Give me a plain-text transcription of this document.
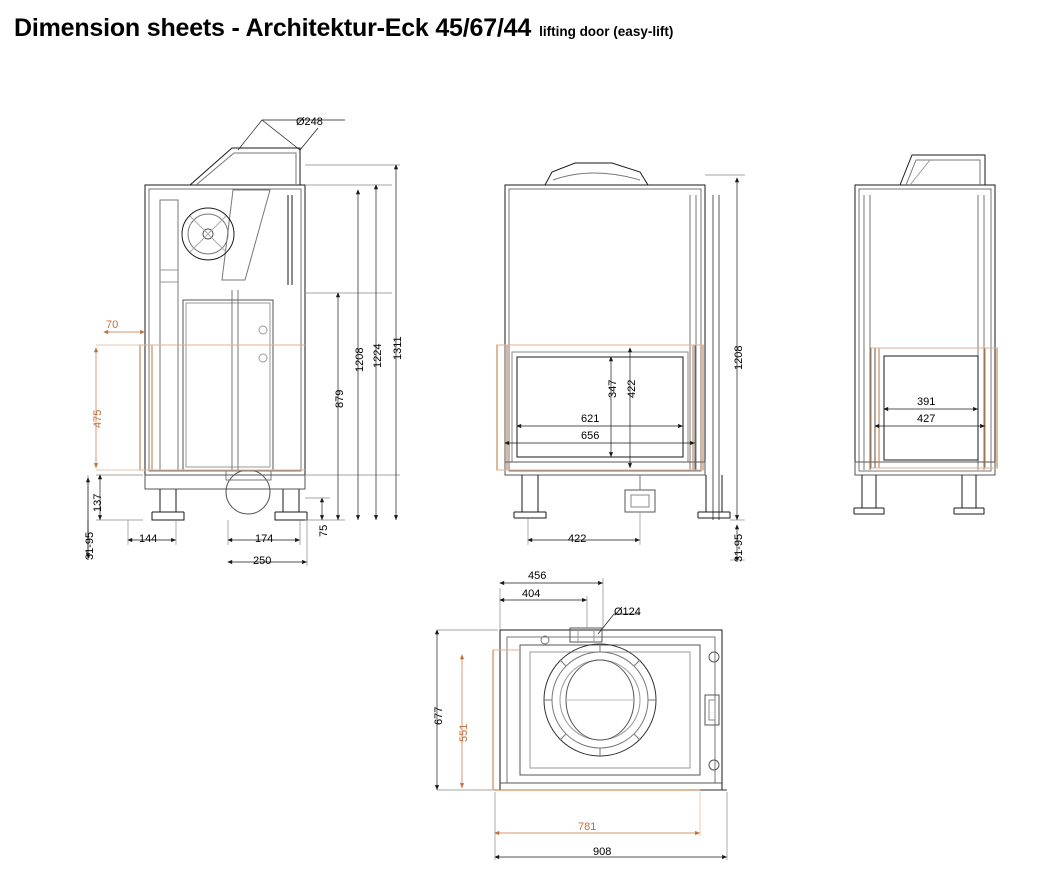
Dimension sheets - Architektur-Eck 45/67/44 lifting door (easy-lift)
Ø248
1311
1224
1208
879
475
70
137
31-95	144	174
250
75
1208
422
347
621
656
422	31-95
391
427
456
404
Ø124
677
551
781
908
